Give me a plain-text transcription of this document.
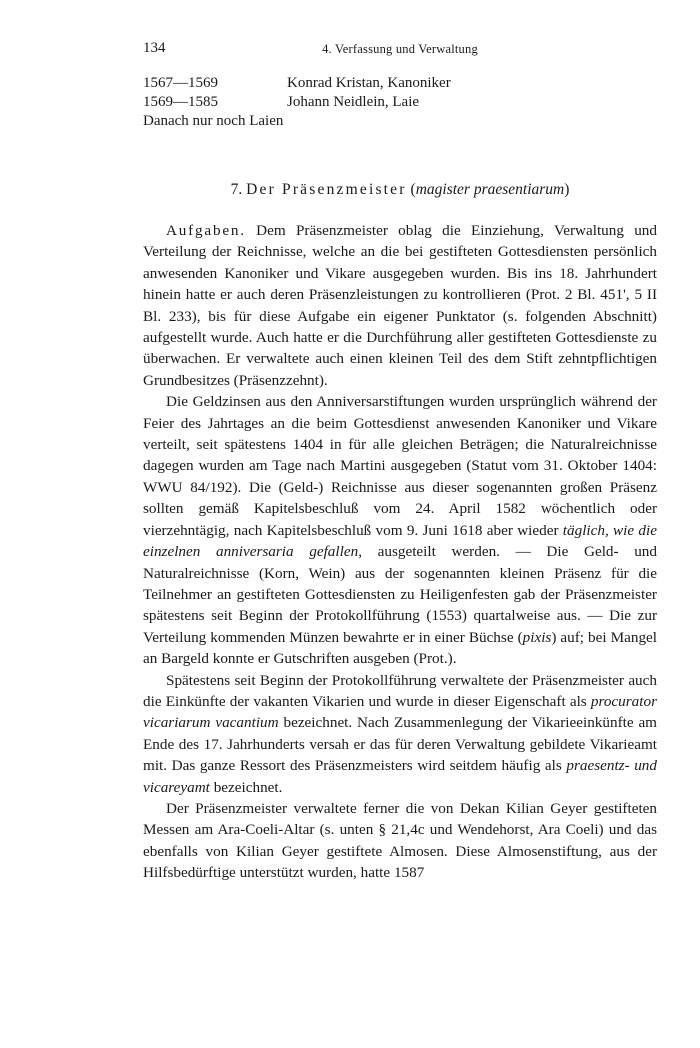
134	4. Verfassung und Verwaltung
1567—1569	Konrad Kristan, Kanoniker
1569—1585	Johann Neidlein, Laie
Danach nur noch Laien
7. Der Präsenzmeister (magister praesentiarum)

Aufgaben. Dem Präsenzmeister oblag die Einziehung, Verwaltung und Verteilung der Reichnisse, welche an die bei gestifteten Gottesdiensten persönlich anwesenden Kanoniker und Vikare ausgegeben wurden. Bis ins 18. Jahrhundert hinein hatte er auch deren Präsenzleistungen zu kontrollieren (Prot. 2 Bl. 451', 5 II Bl. 233), bis für diese Aufgabe ein eigener Punktator (s. folgenden Abschnitt) aufgestellt wurde. Auch hatte er die Durchführung aller gestifteten Gottesdienste zu überwachen. Er verwaltete auch einen kleinen Teil des dem Stift zehntpflichtigen Grundbesitzes (Präsenzzehnt).

Die Geldzinsen aus den Anniversarstiftungen wurden ursprünglich während der Feier des Jahrtages an die beim Gottesdienst anwesenden Kanoniker und Vikare verteilt, seit spätestens 1404 in für alle gleichen Beträgen; die Naturalreichnisse dagegen wurden am Tage nach Martini ausgegeben (Statut vom 31. Oktober 1404: WWU 84/192). Die (Geld-) Reichnisse aus dieser sogenannten großen Präsenz sollten gemäß Kapitelsbeschluß vom 24. April 1582 wöchentlich oder vierzehntägig, nach Kapitelsbeschluß vom 9. Juni 1618 aber wieder täglich, wie die einzelnen anniversaria gefallen, ausgeteilt werden. — Die Geld- und Naturalreichnisse (Korn, Wein) aus der sogenannten kleinen Präsenz für die Teilnehmer an gestifteten Gottesdiensten zu Heiligenfesten gab der Präsenzmeister spätestens seit Beginn der Protokollführung (1553) quartalweise aus. — Die zur Verteilung kommenden Münzen bewahrte er in einer Büchse (pixis) auf; bei Mangel an Bargeld konnte er Gutschriften ausgeben (Prot.).

Spätestens seit Beginn der Protokollführung verwaltete der Präsenzmeister auch die Einkünfte der vakanten Vikarien und wurde in dieser Eigenschaft als procurator vicariarum vacantium bezeichnet. Nach Zusammenlegung der Vikarieeinkünfte am Ende des 17. Jahrhunderts versah er das für deren Verwaltung gebildete Vikarieamt mit. Das ganze Ressort des Präsenzmeisters wird seitdem häufig als praesentz- und vicareyamt bezeichnet.

Der Präsenzmeister verwaltete ferner die von Dekan Kilian Geyer gestifteten Messen am Ara-Coeli-Altar (s. unten § 21,4c und Wendehorst, Ara Coeli) und das ebenfalls von Kilian Geyer gestiftete Almosen. Diese Almosenstiftung, aus der Hilfsbedürftige unterstützt wurden, hatte 1587
